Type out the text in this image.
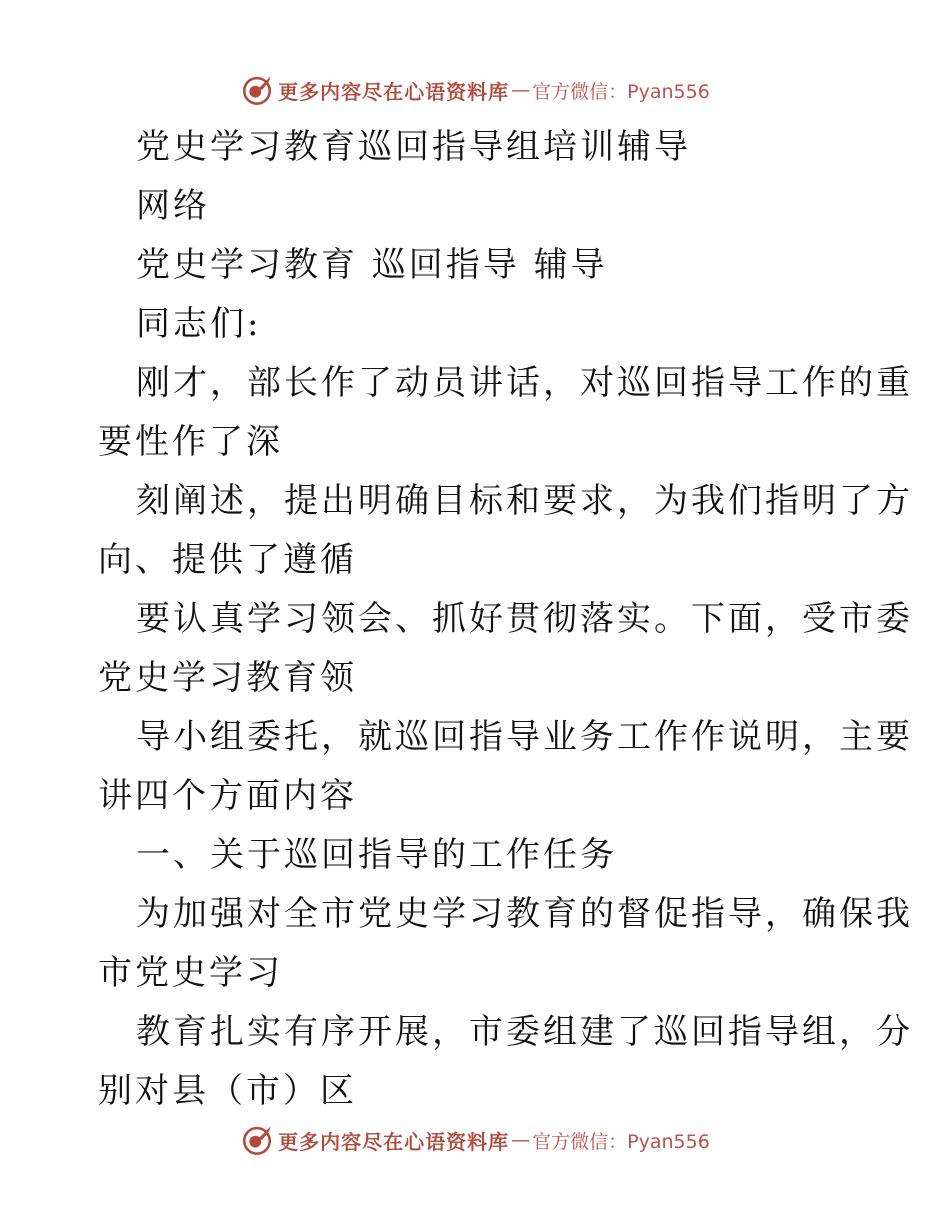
更多内容尽在心语资料库 — 官方微信：Pyan556
党史学习教育巡回指导组培训辅导
网络
党史学习教育 巡回指导 辅导
同志们:
刚才，部长作了动员讲话，对巡回指导工作的重
要性作了深
刻阐述，提出明确目标和要求，为我们指明了方
向、提供了遵循
要认真学习领会、抓好贯彻落实。下面，受市委
党史学习教育领
导小组委托，就巡回指导业务工作作说明，主要
讲四个方面内容
一、关于巡回指导的工作任务
为加强对全市党史学习教育的督促指导，确保我
市党史学习
教育扎实有序开展，市委组建了巡回指导组，分
别对县（市）区
更多内容尽在心语资料库 — 官方微信：Pyan556
